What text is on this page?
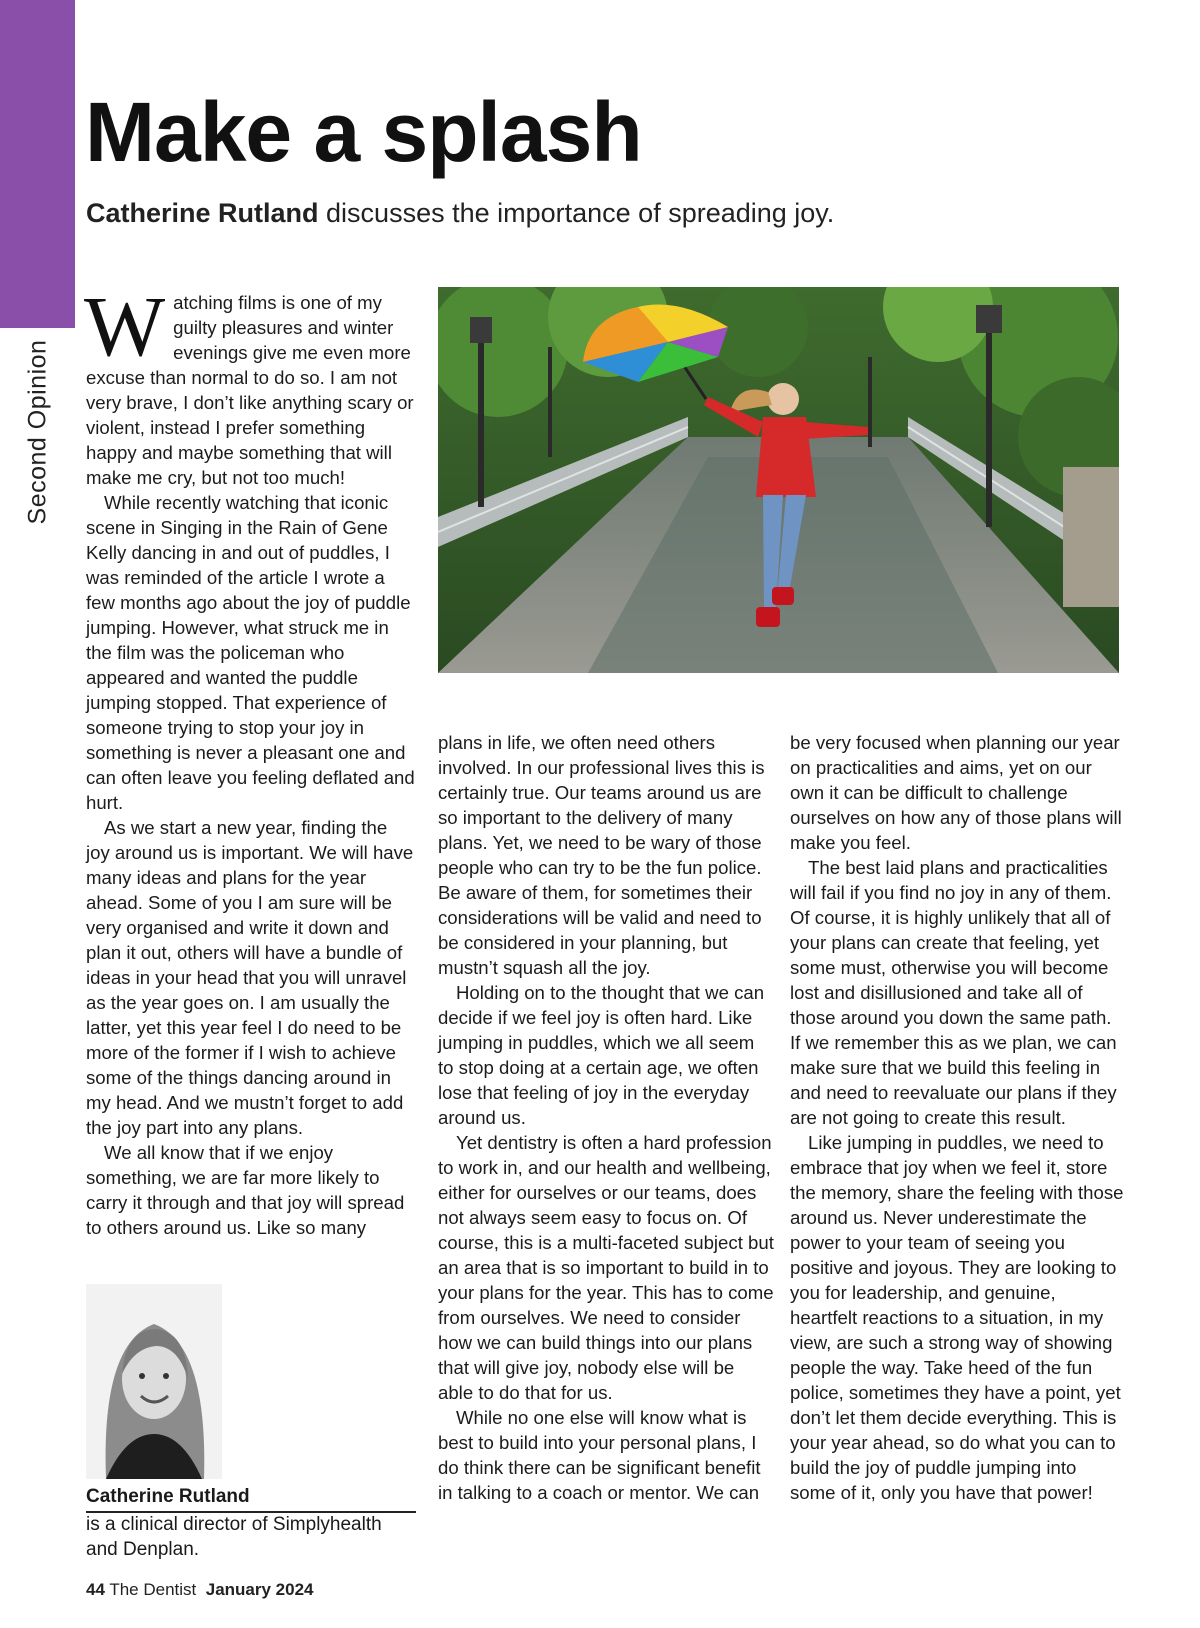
Second Opinion
Make a splash

Catherine Rutland discusses the importance of spreading joy.

Watching films is one of my guilty pleasures and winter evenings give me even more excuse than normal to do so. I am not very brave, I don’t like anything scary or violent, instead I prefer something happy and maybe something that will make me cry, but not too much!

While recently watching that iconic scene in Singing in the Rain of Gene Kelly dancing in and out of puddles, I was reminded of the article I wrote a few months ago about the joy of puddle jumping. However, what struck me in the film was the policeman who appeared and wanted the puddle jumping stopped. That experience of someone trying to stop your joy in something is never a pleasant one and can often leave you feeling deflated and hurt.

As we start a new year, finding the joy around us is important. We will have many ideas and plans for the year ahead. Some of you I am sure will be very organised and write it down and plan it out, others will have a bundle of ideas in your head that you will unravel as the year goes on. I am usually the latter, yet this year feel I do need to be more of the former if I wish to achieve some of the things dancing around in my head. And we mustn’t forget to add the joy part into any plans.

We all know that if we enjoy something, we are far more likely to carry it through and that joy will spread to others around us. Like so many

plans in life, we often need others involved. In our professional lives this is certainly true. Our teams around us are so important to the delivery of many plans. Yet, we need to be wary of those people who can try to be the fun police. Be aware of them, for sometimes their considerations will be valid and need to be considered in your planning, but mustn’t squash all the joy.

Holding on to the thought that we can decide if we feel joy is often hard. Like jumping in puddles, which we all seem to stop doing at a certain age, we often lose that feeling of joy in the everyday around us.

Yet dentistry is often a hard profession to work in, and our health and wellbeing, either for ourselves or our teams, does not always seem easy to focus on. Of course, this is a multi-faceted subject but an area that is so important to build in to your plans for the year. This has to come from ourselves. We need to consider how we can build things into our plans that will give joy, nobody else will be able to do that for us.

While no one else will know what is best to build into your personal plans, I do think there can be significant benefit in talking to a coach or mentor. We can

be very focused when planning our year on practicalities and aims, yet on our own it can be difficult to challenge ourselves on how any of those plans will make you feel.

The best laid plans and practicalities will fail if you find no joy in any of them. Of course, it is highly unlikely that all of your plans can create that feeling, yet some must, otherwise you will become lost and disillusioned and take all of those around you down the same path. If we remember this as we plan, we can make sure that we build this feeling in and need to reevaluate our plans if they are not going to create this result.

Like jumping in puddles, we need to embrace that joy when we feel it, store the memory, share the feeling with those around us. Never underestimate the power to your team of seeing you positive and joyous. They are looking to you for leadership, and genuine, heartfelt reactions to a situation, in my view, are such a strong way of showing people the way. Take heed of the fun police, sometimes they have a point, yet don’t let them decide everything. This is your year ahead, so do what you can to build the joy of puddle jumping into some of it, only you have that power!

Catherine Rutland
is a clinical director of Simplyhealth and Denplan.
44 The Dentist January 2024
